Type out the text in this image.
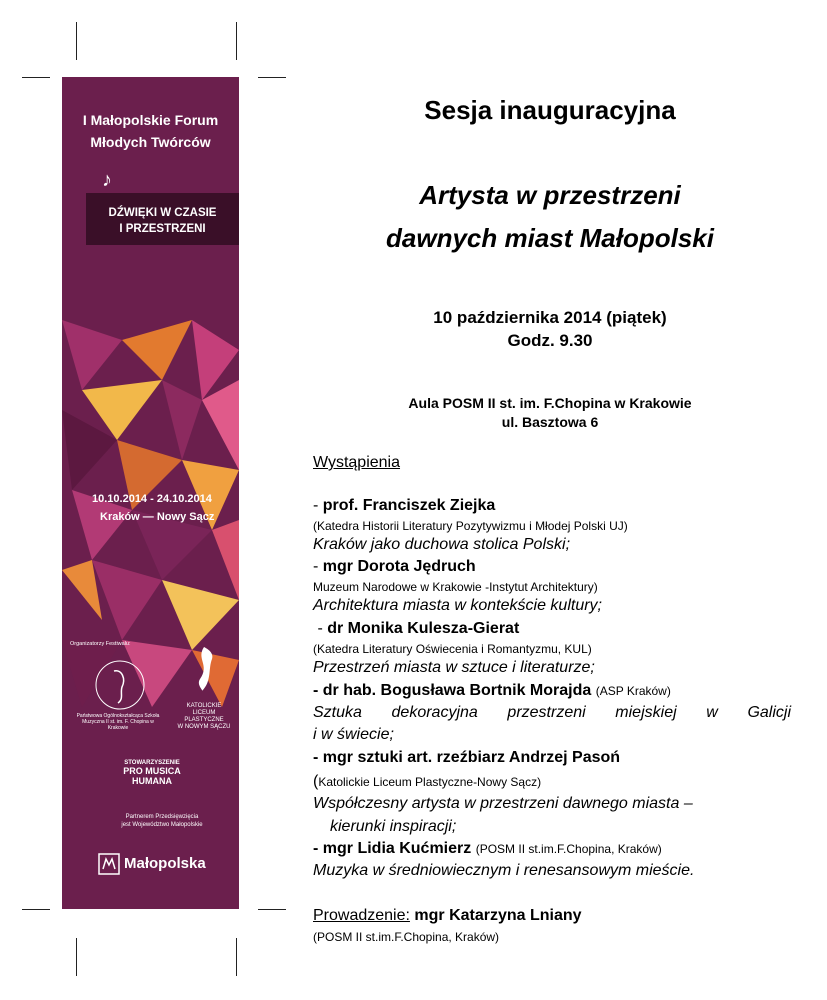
I Małopolskie Forum
Młodych Twórców
♪
DŹWIĘKI W CZASIE
I PRZESTRZENI
10.10.2014 - 24.10.2014
Kraków — Nowy Sącz
Organizatorzy Festiwalu:
Państwowa Ogólnokształcąca Szkoła Muzyczna II st. im. F. Chopina w Krakowie
KATOLICKIE
LICEUM
PLASTYCZNE
W NOWYM SĄCZU
STOWARZYSZENIE
PRO MUSICA
HUMANA
Partnerem Przedsięwzięcia
jest Województwo Małopolskie
Małopolska
Sesja inauguracyjna
Artysta w przestrzeni
dawnych miast Małopolski
10 października 2014 (piątek)
Godz. 9.30
Aula POSM II st. im. F.Chopina w Krakowie
ul. Basztowa 6
Wystąpienia
- prof. Franciszek Ziejka
(Katedra Historii Literatury Pozytywizmu i Młodej Polski UJ)
Kraków jako duchowa stolica Polski;
- mgr Dorota Jędruch
Muzeum Narodowe w Krakowie -Instytut Architektury)
Architektura miasta w kontekście kultury;
- dr Monika Kulesza-Gierat
(Katedra Literatury Oświecenia i Romantyzmu, KUL)
Przestrzeń miasta w sztuce i literaturze;
- dr hab. Bogusława Bortnik Morajda (ASP Kraków)
Sztuka dekoracyjna przestrzeni miejskiej w Galicji
i w świecie;
- mgr sztuki art. rzeźbiarz Andrzej Pasoń
(Katolickie Liceum Plastyczne-Nowy Sącz)
Współczesny artysta w przestrzeni dawnego miasta –
kierunki inspiracji;
- mgr Lidia Kućmierz (POSM II st.im.F.Chopina, Kraków)
Muzyka w średniowiecznym i renesansowym mieście.
Prowadzenie: mgr Katarzyna Lniany
(POSM II st.im.F.Chopina, Kraków)
